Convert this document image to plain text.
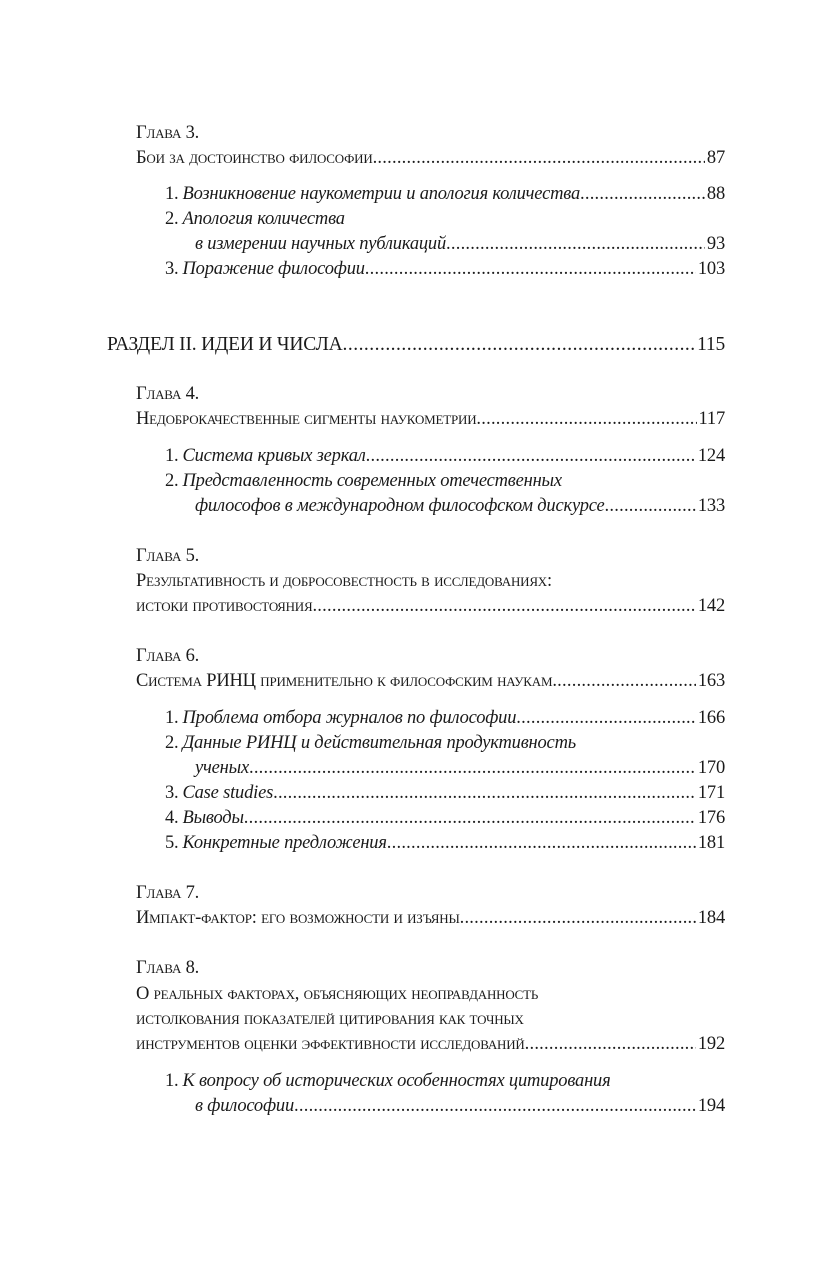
Глава 3.
Бои за достоинство философии . . .	87
1. Возникновение наукометрии и апология количества . . .	88
2. Апология количества
в измерении научных публикаций . . .	93
3. Поражение философии . . .	103
РАЗДЕЛ II. ИДЕИ И ЧИСЛА . . .	115
Глава 4.
Недоброкачественные сигменты наукометрии . . .	117
1. Система кривых зеркал . . .	124
2. Представленность современных отечественных
философов в международном философском дискурсе . . .	133
Глава 5.
Результативность и добросовестность в исследованиях:
истоки противостояния . . .	142
Глава 6.
Система РИНЦ применительно к философским наукам . . .	163
1. Проблема отбора журналов по философии . . .	166
2. Данные РИНЦ и действительная продуктивность
ученых . . .	170
3. Case studies . . .	171
4. Выводы . . .	176
5. Конкретные предложения . . .	181
Глава 7.
Импакт-фактор: его возможности и изъяны . . .	184
Глава 8.
О реальных факторах, объясняющих неоправданность
истолкования показателей цитирования как точных
инструментов оценки эффективности исследований . . .	192
1. К вопросу об исторических особенностях цитирования
в философии . . .	194
